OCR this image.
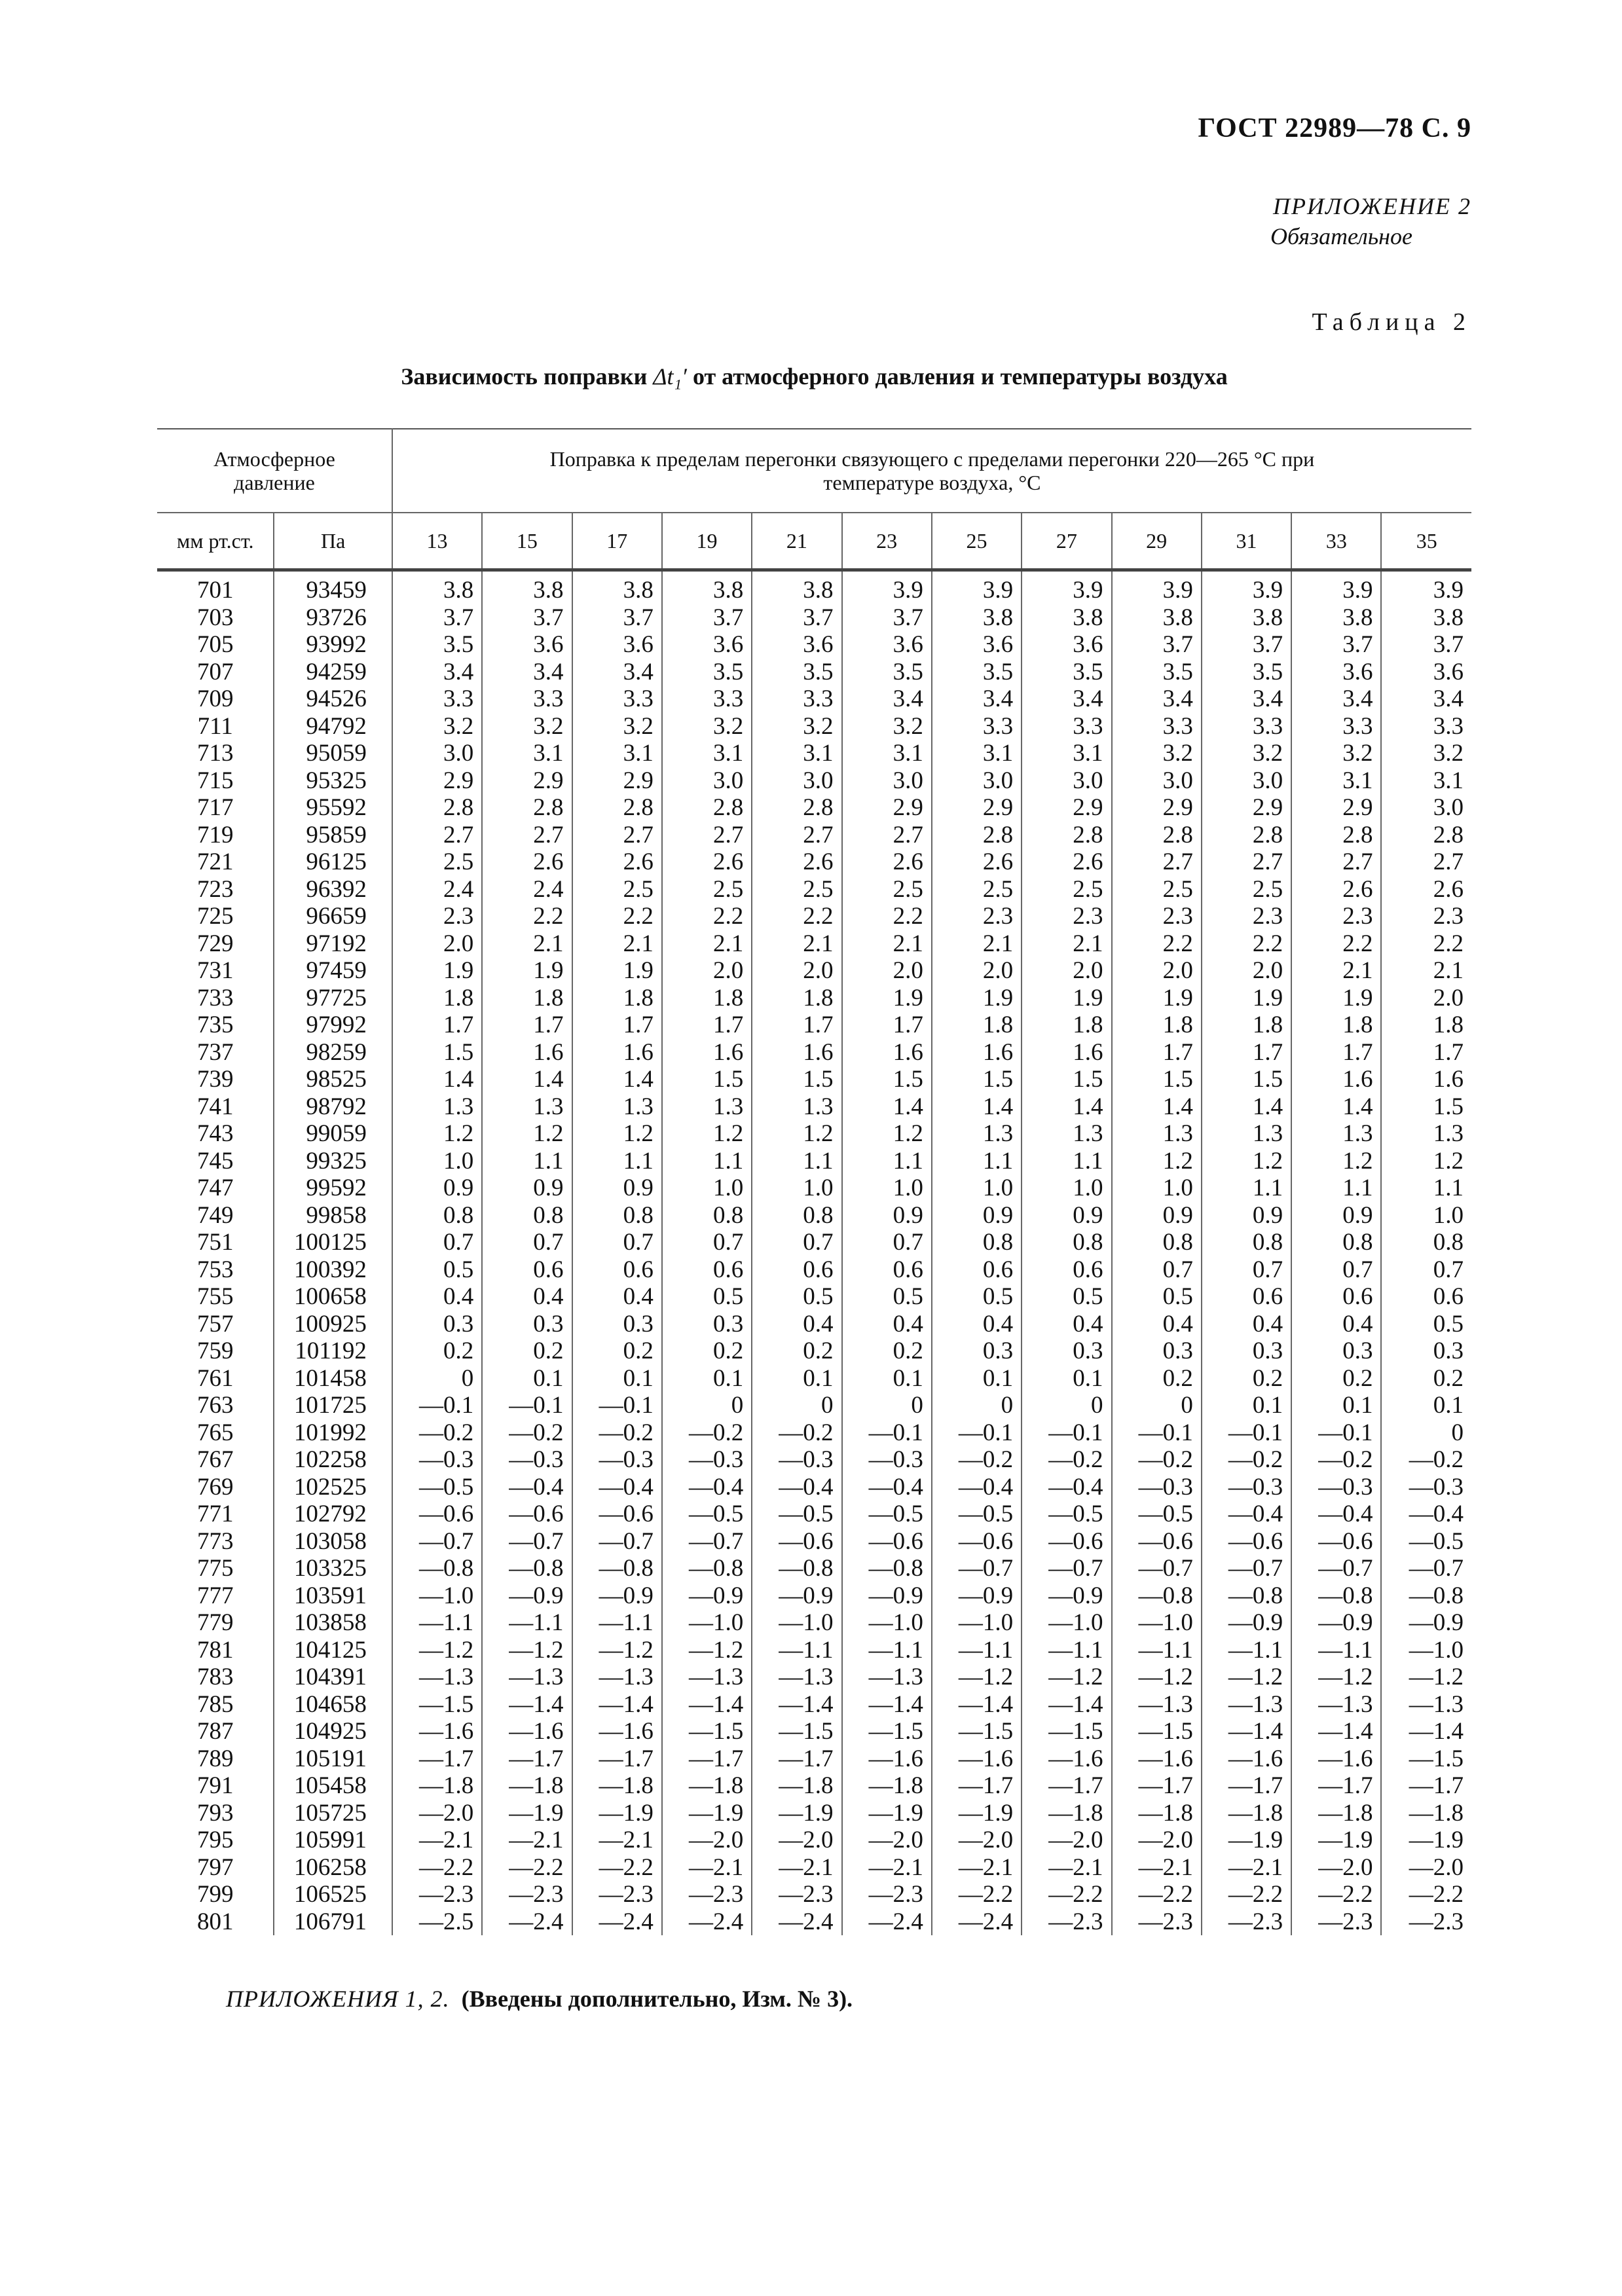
ГОСТ 22989—78 С. 9
ПРИЛОЖЕНИЕ 2
Обязательное
Таблица 2
Зависимость поправки Δt₁′ от атмосферного давления и температуры воздуха
Атмосферное давление		Поправка к пределам перегонки связующего с пределами перегонки 220—265 °С при температуре воздуха, °С											

мм рт.ст.	Па	13	15	17	19	21	23	25	27	29	31	33	35
701	93459	3.8	3.8	3.8	3.8	3.8	3.9	3.9	3.9	3.9	3.9	3.9	3.9
703	93726	3.7	3.7	3.7	3.7	3.7	3.7	3.8	3.8	3.8	3.8	3.8	3.8
705	93992	3.5	3.6	3.6	3.6	3.6	3.6	3.6	3.6	3.7	3.7	3.7	3.7
707	94259	3.4	3.4	3.4	3.5	3.5	3.5	3.5	3.5	3.5	3.5	3.6	3.6
709	94526	3.3	3.3	3.3	3.3	3.3	3.4	3.4	3.4	3.4	3.4	3.4	3.4
711	94792	3.2	3.2	3.2	3.2	3.2	3.2	3.3	3.3	3.3	3.3	3.3	3.3
713	95059	3.0	3.1	3.1	3.1	3.1	3.1	3.1	3.1	3.2	3.2	3.2	3.2
715	95325	2.9	2.9	2.9	3.0	3.0	3.0	3.0	3.0	3.0	3.0	3.1	3.1
717	95592	2.8	2.8	2.8	2.8	2.8	2.9	2.9	2.9	2.9	2.9	2.9	3.0
719	95859	2.7	2.7	2.7	2.7	2.7	2.7	2.8	2.8	2.8	2.8	2.8	2.8
721	96125	2.5	2.6	2.6	2.6	2.6	2.6	2.6	2.6	2.7	2.7	2.7	2.7
723	96392	2.4	2.4	2.5	2.5	2.5	2.5	2.5	2.5	2.5	2.5	2.6	2.6
725	96659	2.3	2.2	2.2	2.2	2.2	2.2	2.3	2.3	2.3	2.3	2.3	2.3
729	97192	2.0	2.1	2.1	2.1	2.1	2.1	2.1	2.1	2.2	2.2	2.2	2.2
731	97459	1.9	1.9	1.9	2.0	2.0	2.0	2.0	2.0	2.0	2.0	2.1	2.1
733	97725	1.8	1.8	1.8	1.8	1.8	1.9	1.9	1.9	1.9	1.9	1.9	2.0
735	97992	1.7	1.7	1.7	1.7	1.7	1.7	1.8	1.8	1.8	1.8	1.8	1.8
737	98259	1.5	1.6	1.6	1.6	1.6	1.6	1.6	1.6	1.7	1.7	1.7	1.7
739	98525	1.4	1.4	1.4	1.5	1.5	1.5	1.5	1.5	1.5	1.5	1.6	1.6
741	98792	1.3	1.3	1.3	1.3	1.3	1.4	1.4	1.4	1.4	1.4	1.4	1.5
743	99059	1.2	1.2	1.2	1.2	1.2	1.2	1.3	1.3	1.3	1.3	1.3	1.3
745	99325	1.0	1.1	1.1	1.1	1.1	1.1	1.1	1.1	1.2	1.2	1.2	1.2
747	99592	0.9	0.9	0.9	1.0	1.0	1.0	1.0	1.0	1.0	1.1	1.1	1.1
749	99858	0.8	0.8	0.8	0.8	0.8	0.9	0.9	0.9	0.9	0.9	0.9	1.0
751	100125	0.7	0.7	0.7	0.7	0.7	0.7	0.8	0.8	0.8	0.8	0.8	0.8
753	100392	0.5	0.6	0.6	0.6	0.6	0.6	0.6	0.6	0.7	0.7	0.7	0.7
755	100658	0.4	0.4	0.4	0.5	0.5	0.5	0.5	0.5	0.5	0.6	0.6	0.6
757	100925	0.3	0.3	0.3	0.3	0.4	0.4	0.4	0.4	0.4	0.4	0.4	0.5
759	101192	0.2	0.2	0.2	0.2	0.2	0.2	0.3	0.3	0.3	0.3	0.3	0.3
761	101458	0	0.1	0.1	0.1	0.1	0.1	0.1	0.1	0.2	0.2	0.2	0.2
763	101725	—0.1	—0.1	—0.1	0	0	0	0	0	0	0.1	0.1	0.1
765	101992	—0.2	—0.2	—0.2	—0.2	—0.2	—0.1	—0.1	—0.1	—0.1	—0.1	—0.1	0
767	102258	—0.3	—0.3	—0.3	—0.3	—0.3	—0.3	—0.2	—0.2	—0.2	—0.2	—0.2	—0.2
769	102525	—0.5	—0.4	—0.4	—0.4	—0.4	—0.4	—0.4	—0.4	—0.3	—0.3	—0.3	—0.3
771	102792	—0.6	—0.6	—0.6	—0.5	—0.5	—0.5	—0.5	—0.5	—0.5	—0.4	—0.4	—0.4
773	103058	—0.7	—0.7	—0.7	—0.7	—0.6	—0.6	—0.6	—0.6	—0.6	—0.6	—0.6	—0.5
775	103325	—0.8	—0.8	—0.8	—0.8	—0.8	—0.8	—0.7	—0.7	—0.7	—0.7	—0.7	—0.7
777	103591	—1.0	—0.9	—0.9	—0.9	—0.9	—0.9	—0.9	—0.9	—0.8	—0.8	—0.8	—0.8
779	103858	—1.1	—1.1	—1.1	—1.0	—1.0	—1.0	—1.0	—1.0	—1.0	—0.9	—0.9	—0.9
781	104125	—1.2	—1.2	—1.2	—1.2	—1.1	—1.1	—1.1	—1.1	—1.1	—1.1	—1.1	—1.0
783	104391	—1.3	—1.3	—1.3	—1.3	—1.3	—1.3	—1.2	—1.2	—1.2	—1.2	—1.2	—1.2
785	104658	—1.5	—1.4	—1.4	—1.4	—1.4	—1.4	—1.4	—1.4	—1.3	—1.3	—1.3	—1.3
787	104925	—1.6	—1.6	—1.6	—1.5	—1.5	—1.5	—1.5	—1.5	—1.5	—1.4	—1.4	—1.4
789	105191	—1.7	—1.7	—1.7	—1.7	—1.7	—1.6	—1.6	—1.6	—1.6	—1.6	—1.6	—1.5
791	105458	—1.8	—1.8	—1.8	—1.8	—1.8	—1.8	—1.7	—1.7	—1.7	—1.7	—1.7	—1.7
793	105725	—2.0	—1.9	—1.9	—1.9	—1.9	—1.9	—1.9	—1.8	—1.8	—1.8	—1.8	—1.8
795	105991	—2.1	—2.1	—2.1	—2.0	—2.0	—2.0	—2.0	—2.0	—2.0	—1.9	—1.9	—1.9
797	106258	—2.2	—2.2	—2.2	—2.1	—2.1	—2.1	—2.1	—2.1	—2.1	—2.1	—2.0	—2.0
799	106525	—2.3	—2.3	—2.3	—2.3	—2.3	—2.3	—2.2	—2.2	—2.2	—2.2	—2.2	—2.2
801	106791	—2.5	—2.4	—2.4	—2.4	—2.4	—2.4	—2.4	—2.3	—2.3	—2.3	—2.3	—2.3
ПРИЛОЖЕНИЯ 1, 2. (Введены дополнительно, Изм. № 3).
